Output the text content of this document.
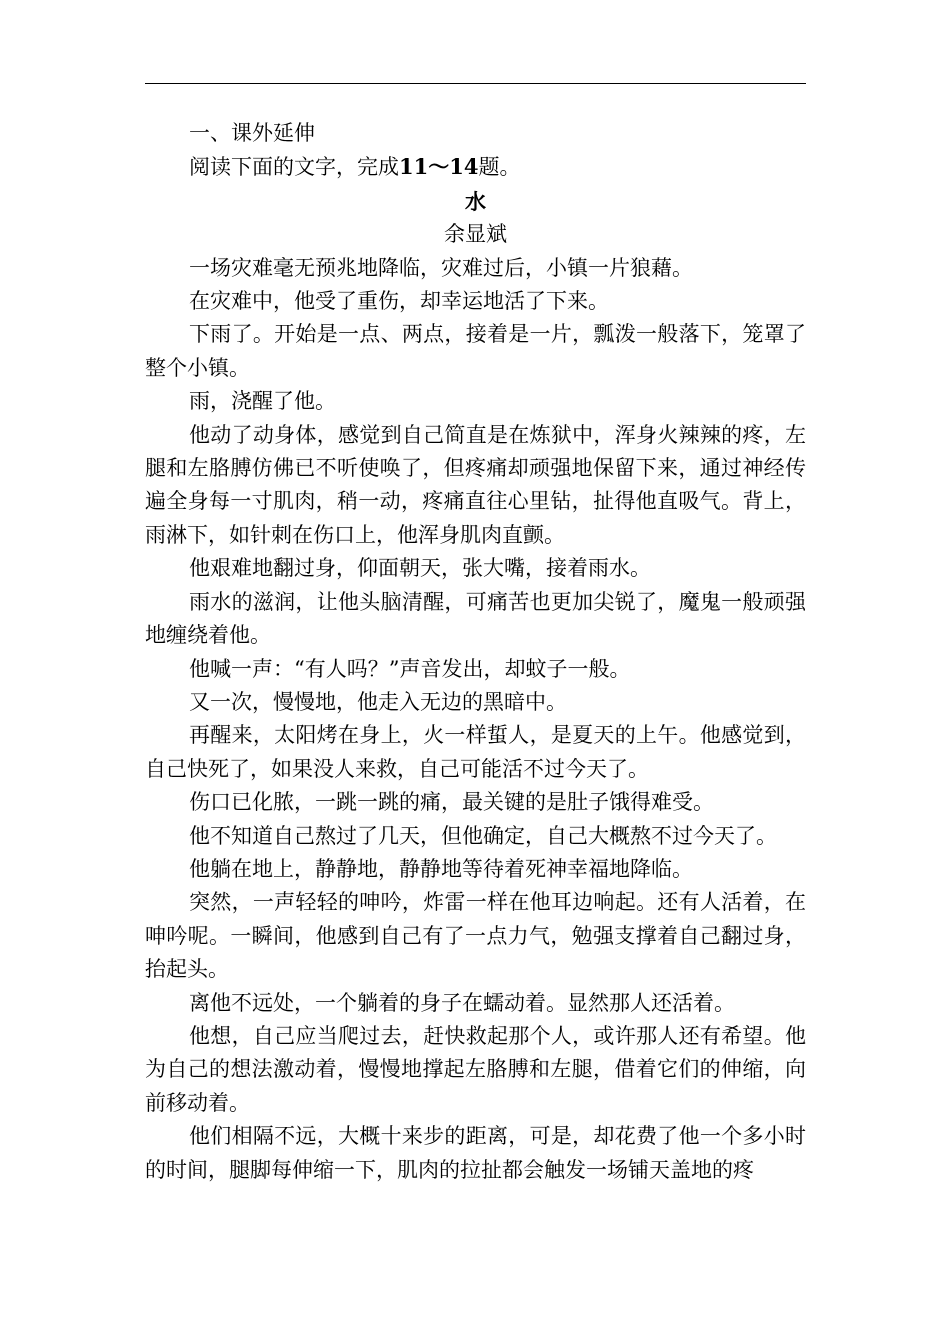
一、课外延伸

阅读下面的文字，完成11～14题。

水

余显斌

一场灾难毫无预兆地降临，灾难过后，小镇一片狼藉。

在灾难中，他受了重伤，却幸运地活了下来。

下雨了。开始是一点、两点，接着是一片，瓢泼一般落下，笼罩了整个小镇。

雨，浇醒了他。

他动了动身体，感觉到自己简直是在炼狱中，浑身火辣辣的疼，左腿和左胳膊仿佛已不听使唤了，但疼痛却顽强地保留下来，通过神经传遍全身每一寸肌肉，稍一动，疼痛直往心里钻，扯得他直吸气。背上，雨淋下，如针刺在伤口上，他浑身肌肉直颤。

他艰难地翻过身，仰面朝天，张大嘴，接着雨水。

雨水的滋润，让他头脑清醒，可痛苦也更加尖锐了，魔鬼一般顽强地缠绕着他。

他喊一声：“有人吗？”声音发出，却蚊子一般。

又一次，慢慢地，他走入无边的黑暗中。

再醒来，太阳烤在身上，火一样蜇人，是夏天的上午。他感觉到，自己快死了，如果没人来救，自己可能活不过今天了。

伤口已化脓，一跳一跳的痛，最关键的是肚子饿得难受。

他不知道自己熬过了几天，但他确定，自己大概熬不过今天了。

他躺在地上，静静地，静静地等待着死神幸福地降临。

突然，一声轻轻的呻吟，炸雷一样在他耳边响起。还有人活着，在呻吟呢。一瞬间，他感到自己有了一点力气，勉强支撑着自己翻过身，抬起头。

离他不远处，一个躺着的身子在蠕动着。显然那人还活着。

他想，自己应当爬过去，赶快救起那个人，或许那人还有希望。他为自己的想法激动着，慢慢地撑起左胳膊和左腿，借着它们的伸缩，向前移动着。

他们相隔不远，大概十来步的距离，可是，却花费了他一个多小时的时间，腿脚每伸缩一下，肌肉的拉扯都会触发一场铺天盖地的疼
